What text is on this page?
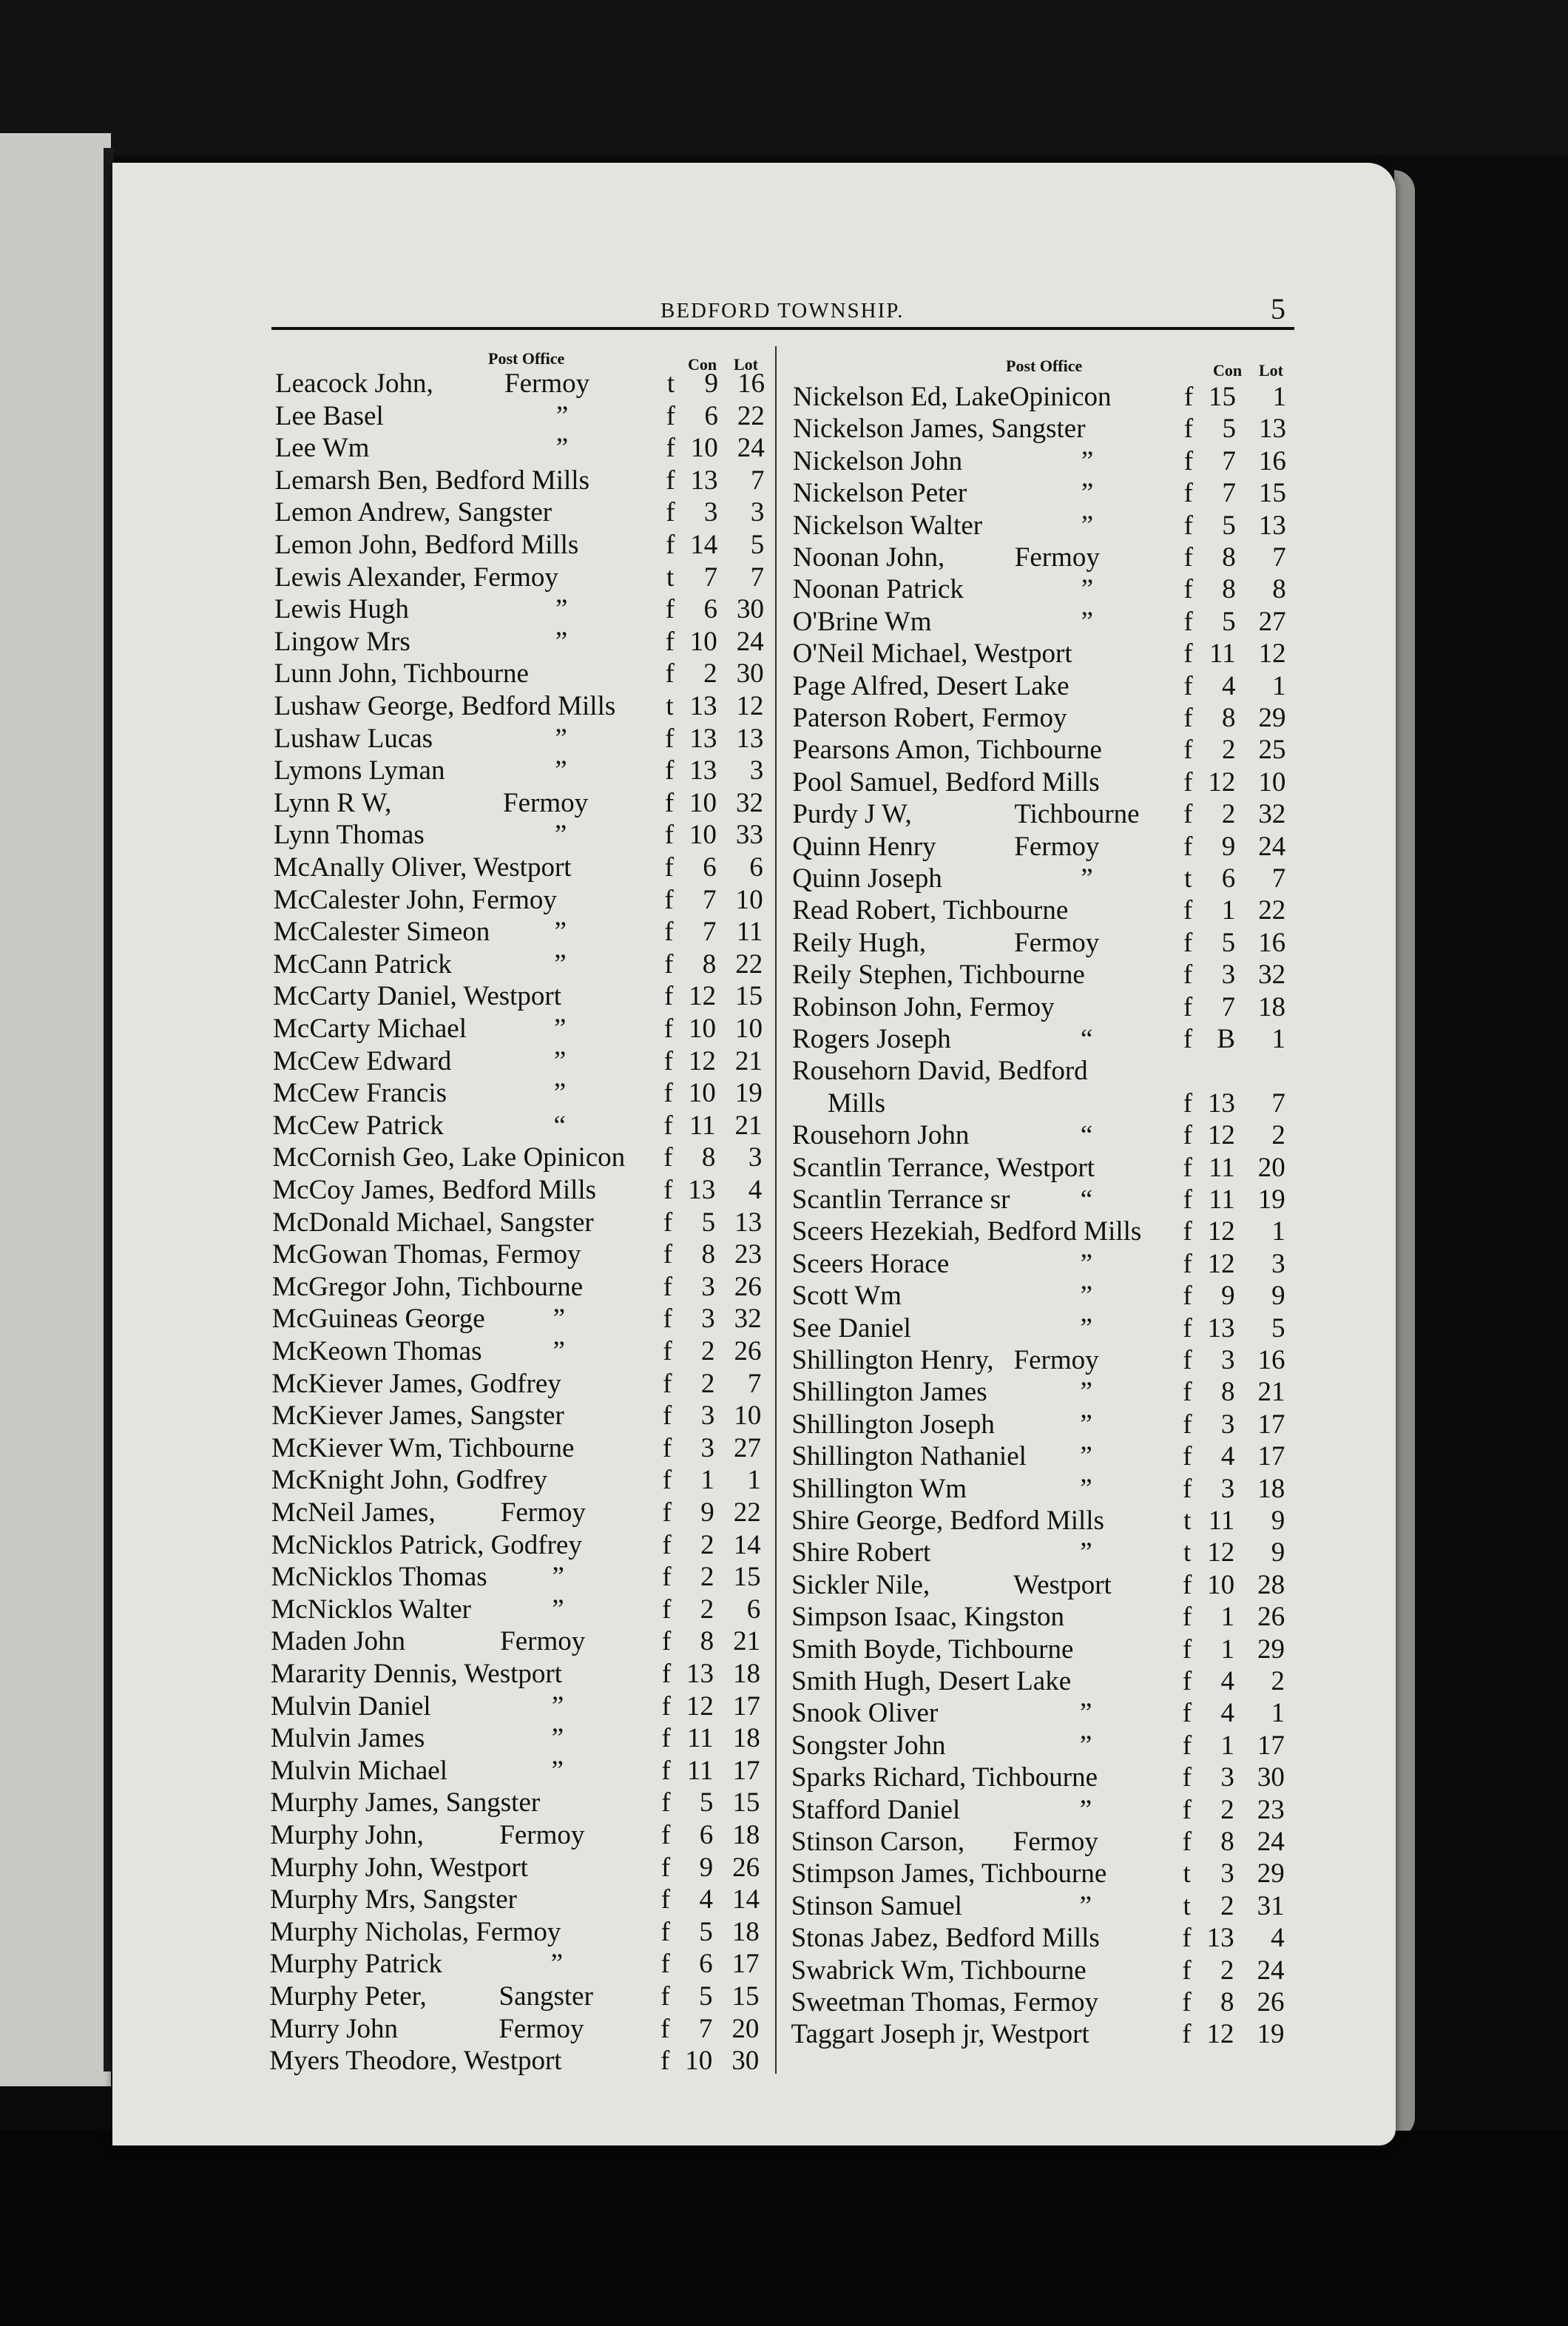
BEDFORD TOWNSHIP.	5
Post Office	Con Lot	Post Office	Con Lot
Leacock John,	Fermoy	t	9 16
Lee Basel	”	f	6 22
Lee Wm	”	f 10 24
Lemarsh Ben, Bedford Mills	f 13	7
Lemon Andrew, Sangster	f	3	3
Lemon John, Bedford Mills	f 14	5
Lewis Alexander, Fermoy	t	7	7
Lewis Hugh	”	f	6 30
Lingow Mrs	”	f 10 24
Lunn John, Tichbourne	f	2 30
Lushaw George, Bedford Mills t 13 12
Lushaw Lucas	”	f 13 13
Lymons Lyman	”	f 13	3
Lynn R W,	Fermoy	f 10 32
Lynn Thomas	”	f 10 33
McAnally Oliver, Westport	f	6	6
McCalester John, Fermoy	f	7 10
McCalester Simeon ”	f	7 11
McCann Patrick	”	f	8 22
McCarty Daniel, Westport	f 12 15
McCarty Michael	”	f 10 10
McCew Edward	”	f 12 21
McCew Francis	”	f 10 19
McCew Patrick	“	f 11 21
McCornish Geo, Lake Opinicon f	8	3
McCoy James, Bedford Mills f 13	4
McDonald Michael, Sangster	f	5 13
McGowan Thomas, Fermoy	f	8 23
McGregor John, Tichbourne	f	3 26
McGuineas George ”	f	3 32
McKeown Thomas	”	f	2 26
McKiever James, Godfrey	f	2	7
McKiever James, Sangster	f	3 10
McKiever Wm, Tichbourne	f	3 27
McKnight John, Godfrey	f	1	1
McNeil James, Fermoy	f	9 22
McNicklos Patrick, Godfrey	f	2 14
McNicklos Thomas ”	f	2 15
McNicklos Walter	”	f	2	6
Maden John	Fermoy	f	8 21
Mararity Dennis, Westport	f 13 18
Mulvin Daniel	”	f 12 17
Mulvin James	”	f 11 18
Mulvin Michael	”	f 11 17
Murphy James, Sangster	f	5 15
Murphy John,	Fermoy	f	6 18
Murphy John, Westport	f	9 26
Murphy Mrs, Sangster	f	4 14
Murphy Nicholas, Fermoy	f	5 18
Murphy Patrick	”	f	6 17
Murphy Peter,	Sangster f	5 15
Murry John	Fermoy	f	7 20
Myers Theodore, Westport	f 10 30
Nickelson Ed, LakeOpinicon	f 15	1
Nickelson James, Sangster	f	5 13
Nickelson John	”	f	7 16
Nickelson Peter	”	f	7 15
Nickelson Walter	”	f	5 13
Noonan John,	Fermoy	f	8	7
Noonan Patrick	”	f	8	8
O'Brine Wm	”	f	5 27
O'Neil Michael, Westport	f 11 12
Page Alfred, Desert Lake	f	4	1
Paterson Robert, Fermoy	f	8 29
Pearsons Amon, Tichbourne	f	2 25
Pool Samuel, Bedford Mills	f 12 10
Purdy J W,	Tichbourne f	2 32
Quinn Henry	Fermoy	f	9 24
Quinn Joseph	”	t	6	7
Read Robert, Tichbourne	f	1 22
Reily Hugh,	Fermoy	f	5 16
Reily Stephen, Tichbourne	f	3 32
Robinson John, Fermoy	f	7 18
Rogers Joseph	“	f B	1
Rousehorn David, Bedford
Mills	f 13	7
Rousehorn John	“	f 12	2
Scantlin Terrance, Westport	f 11 20
Scantlin Terrance sr	“	f 11 19
Sceers Hezekiah, Bedford Mills f 12	1
Sceers Horace	”	f 12	3
Scott Wm	”	f	9	9
See Daniel	”	f 13	5
Shillington Henry, Fermoy	f	3 16
Shillington James	”	f	8 21
Shillington Joseph	”	f	3 17
Shillington Nathaniel ”	f	4 17
Shillington Wm	”	f	3 18
Shire George, Bedford Mills	t 11	9
Shire Robert	”	t 12	9
Sickler Nile,	Westport	f 10 28
Simpson Isaac, Kingston	f	1 26
Smith Boyde, Tichbourne	f	1 29
Smith Hugh, Desert Lake	f	4	2
Snook Oliver	”	f	4	1
Songster John	”	f	1 17
Sparks Richard, Tichbourne	f	3 30
Stafford Daniel	”	f	2 23
Stinson Carson, Fermoy	f	8 24
Stimpson James, Tichbourne	t	3 29
Stinson Samuel	”	t	2 31
Stonas Jabez, Bedford Mills	f 13	4
Swabrick Wm, Tichbourne	f	2 24
Sweetman Thomas, Fermoy	f	8 26
Taggart Joseph jr, Westport	f 12 19
